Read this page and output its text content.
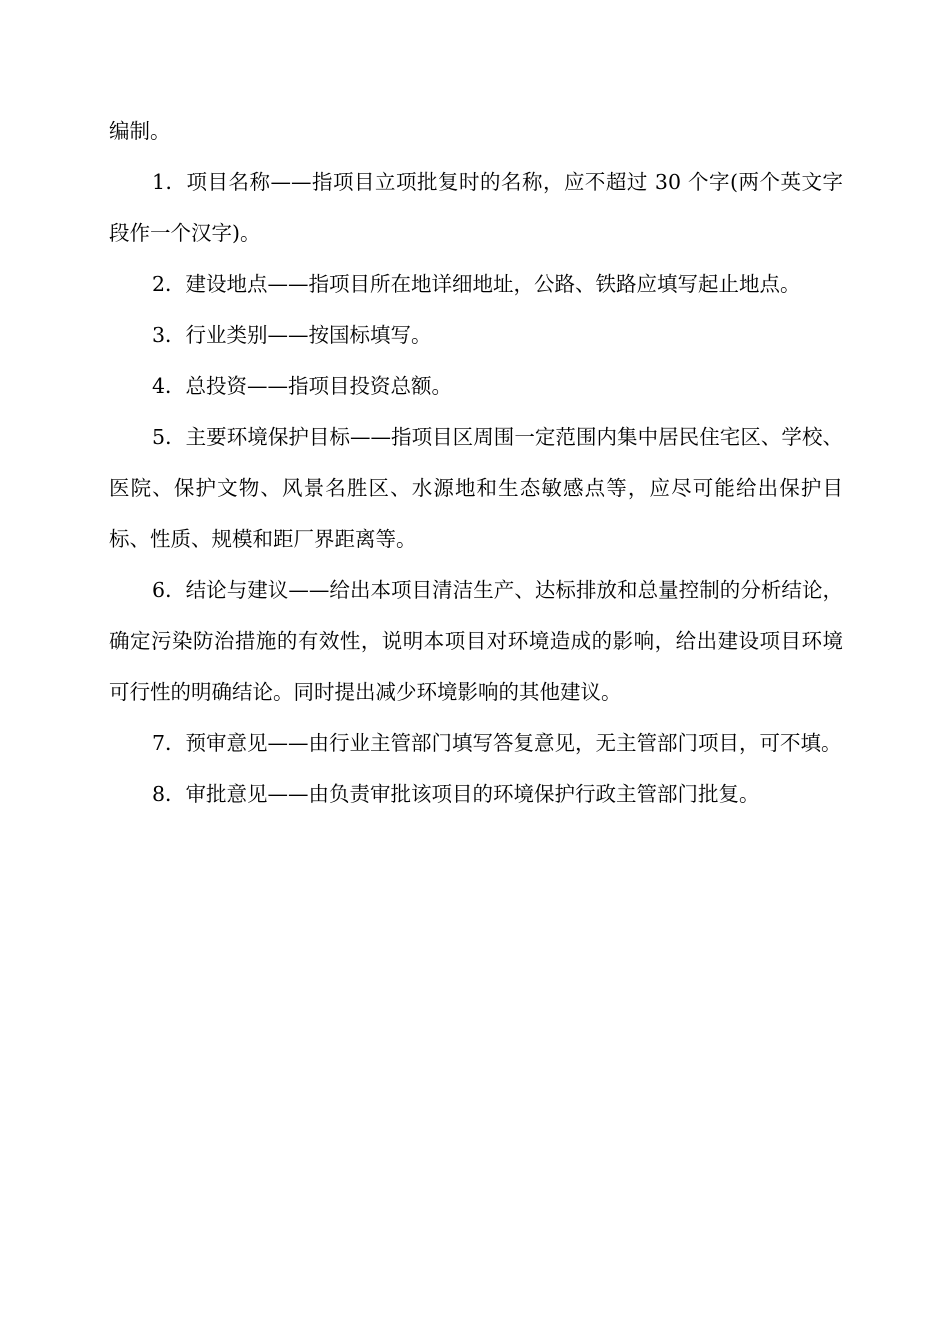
编制。

1．项目名称——指项目立项批复时的名称，应不超过 30 个字(两个英文字段作一个汉字)。

2．建设地点——指项目所在地详细地址，公路、铁路应填写起止地点。

3．行业类别——按国标填写。

4．总投资——指项目投资总额。

5．主要环境保护目标——指项目区周围一定范围内集中居民住宅区、学校、医院、保护文物、风景名胜区、水源地和生态敏感点等，应尽可能给出保护目标、性质、规模和距厂界距离等。

6．结论与建议——给出本项目清洁生产、达标排放和总量控制的分析结论，确定污染防治措施的有效性，说明本项目对环境造成的影响，给出建设项目环境可行性的明确结论。同时提出减少环境影响的其他建议。

7．预审意见——由行业主管部门填写答复意见，无主管部门项目，可不填。

8．审批意见——由负责审批该项目的环境保护行政主管部门批复。
